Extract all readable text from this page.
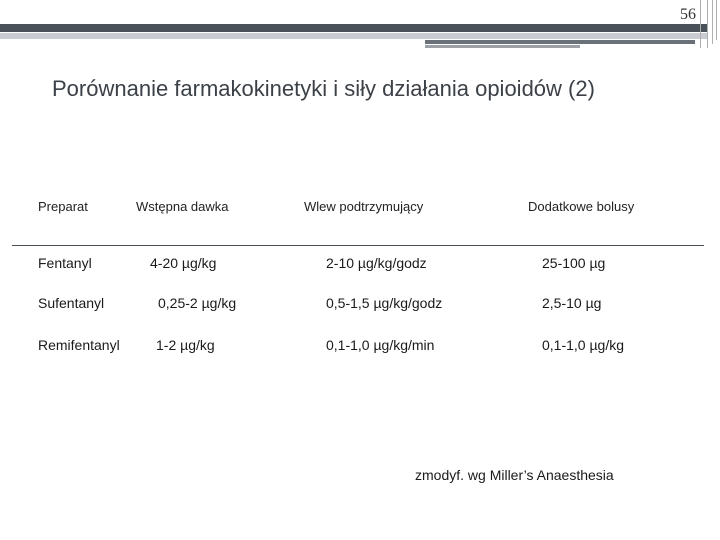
56
Porównanie farmakokinetyki i siły działania opioidów (2)
Preparat	Wstępna dawka	Wlew podtrzymujący	Dodatkowe bolusy
Fentanyl	4-20 µg/kg	2-10 µg/kg/godz	25-100 µg
Sufentanyl	0,25-2 µg/kg	0,5-1,5 µg/kg/godz	2,5-10 µg
Remifentanyl	1-2 µg/kg	0,1-1,0 µg/kg/min	0,1-1,0 µg/kg
zmodyf. wg Miller’s Anaesthesia
